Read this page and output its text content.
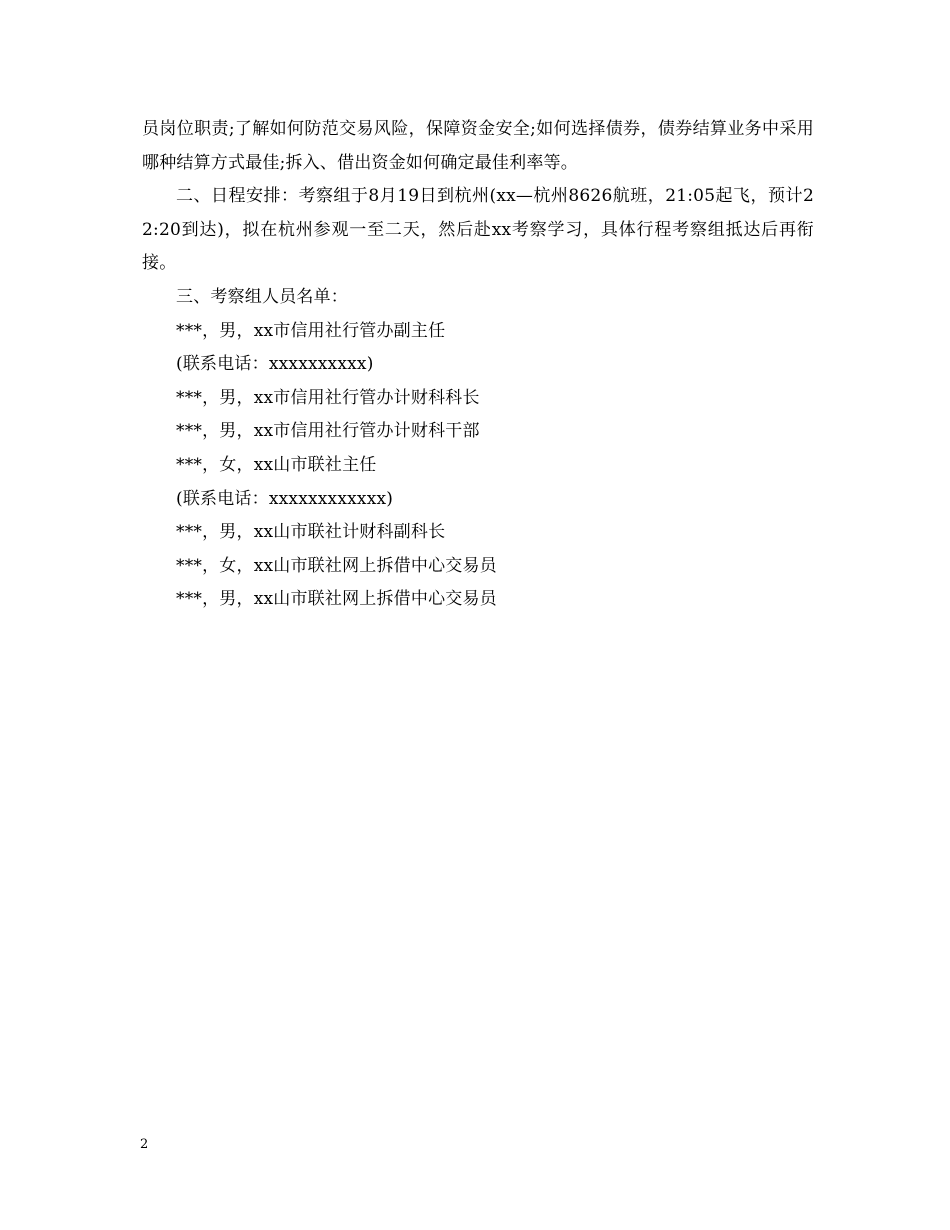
员岗位职责;了解如何防范交易风险，保障资金安全;如何选择债券，债券结算业务中采用哪种结算方式最佳;拆入、借出资金如何确定最佳利率等。

二、日程安排：考察组于8月19日到杭州(xx—杭州8626航班，21:05起飞，预计22:20到达)，拟在杭州参观一至二天，然后赴xx考察学习，具体行程考察组抵达后再衔接。

三、考察组人员名单：

***，男，xx市信用社行管办副主任

(联系电话：xxxxxxxxxx)

***，男，xx市信用社行管办计财科科长

***，男，xx市信用社行管办计财科干部

***，女，xx山市联社主任

(联系电话：xxxxxxxxxxxx)

***，男，xx山市联社计财科副科长

***，女，xx山市联社网上拆借中心交易员

***，男，xx山市联社网上拆借中心交易员

2
